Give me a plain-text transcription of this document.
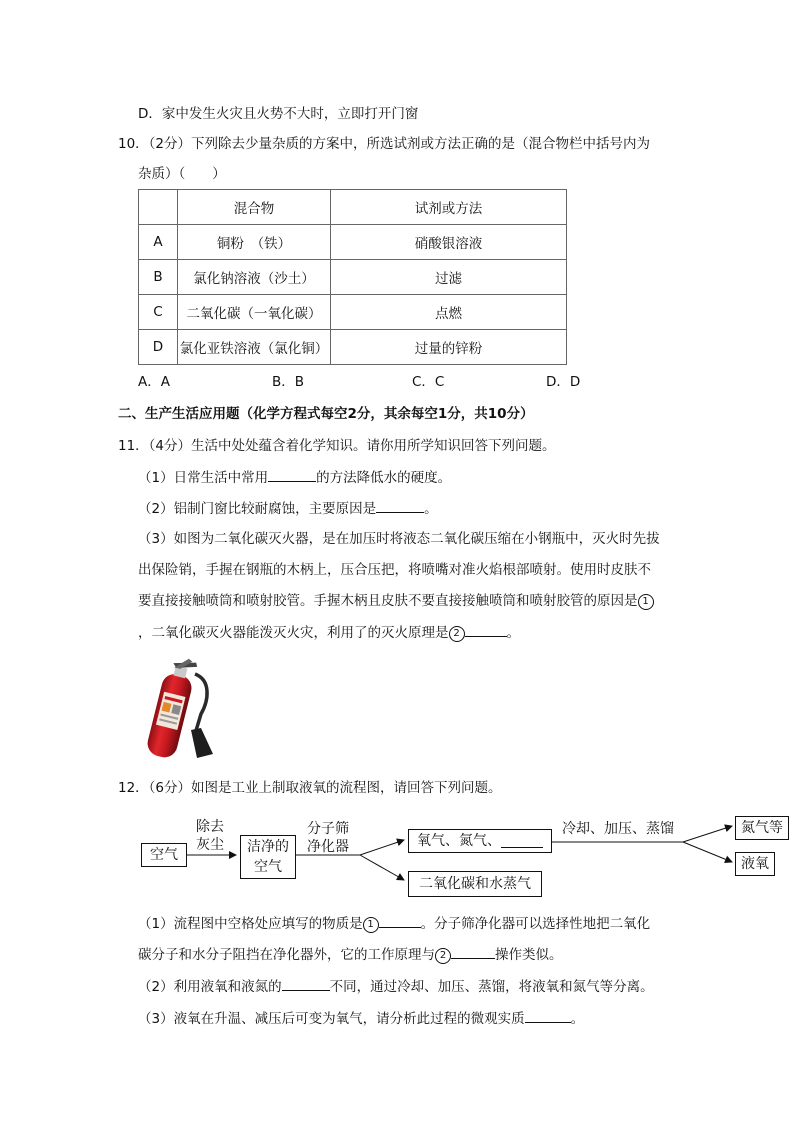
D．家中发生火灾且火势不大时，立即打开门窗
10．（2分）下列除去少量杂质的方案中，所选试剂或方法正确的是（混合物栏中括号内为
杂质）（　　）
	混合物	试剂或方法
A	铜粉　（铁）	硝酸银溶液
B	氯化钠溶液（沙土）	过滤
C	二氧化碳（一氧化碳）	点燃
D	氯化亚铁溶液（氯化铜）	过量的锌粉
A．A	B．B	C．C	D．D
二、生产生活应用题（化学方程式每空2分，其余每空1分，共10分）
11．（4分）生活中处处蕴含着化学知识。请你用所学知识回答下列问题。
（1）日常生活中常用	的方法降低水的硬度。
（2）铝制门窗比较耐腐蚀，主要原因是	。
（3）如图为二氧化碳灭火器，是在加压时将液态二氧化碳压缩在小钢瓶中，灭火时先拔
出保险销，手握在钢瓶的木柄上，压合压把，将喷嘴对准火焰根部喷射。使用时皮肤不
要直接接触喷筒和喷射胶管。手握木柄且皮肤不要直接接触喷筒和喷射胶管的原因是 1
，二氧化碳灭火器能泼灭火灾，利用了的灭火原理是 2	。
12．（6分）如图是工业上制取液氧的流程图，请回答下列问题。
空气
除去
灰尘	洁净的
空气
分子筛
净化器	氧气、氮气、
二氧化碳和水蒸气
冷却、加压、蒸馏	氮气等
液氧
（1）流程图中空格处应填写的物质是 1	。分子筛净化器可以选择性地把二氧化
碳分子和水分子阻挡在净化器外，它的工作原理与 2	操作类似。
（2）利用液氧和液氮的	不同，通过冷却、加压、蒸馏，将液氧和氮气等分离。
（3）液氧在升温、减压后可变为氧气，请分析此过程的微观实质	。
